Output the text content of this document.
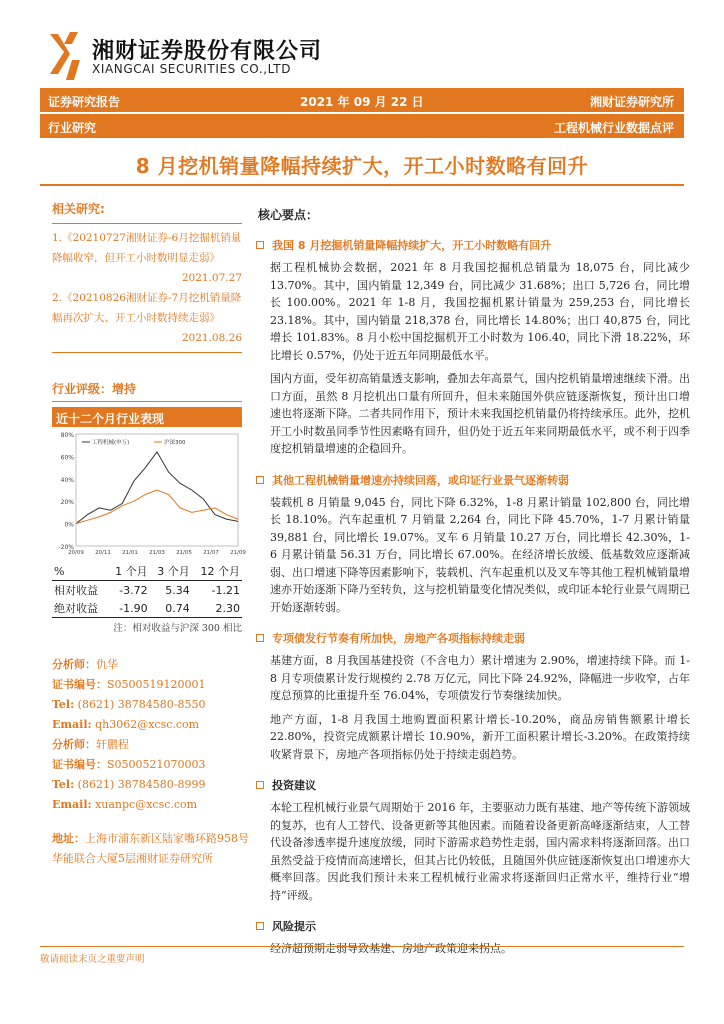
湘财证券股份有限公司
XIANGCAI SECURITIES CO.,LTD
证券研究报告	2021 年 09 月 22 日	湘财证券研究所
行业研究	工程机械行业数据点评
8 月挖机销量降幅持续扩大，开工小时数略有回升
相关研究:
1.《20210727湘财证券-6月挖掘机销量降幅收窄，但开工小时数明显走弱》
2021.07.27
2.《20210826湘财证券-7月挖机销量降幅再次扩大、开工小时数持续走弱》
2021.08.26
行业评级：增持
近十二个月行业表现
80%
60%
40%
20%
0%
-20%
20/09 20/11 21/01 21/03 21/05 21/07 21/09
工程机械(申万)	沪深300
%	1 个月	3 个月	12 个月
相对收益	-3.72	5.34	-1.21
绝对收益	-1.90	0.74	2.30
注：相对收益与沪深 300 相比
分析师：仇华
证书编号：S0500519120001
Tel: (8621) 38784580-8550
Email: qh3062@xcsc.com
分析师：轩鹏程
证书编号：S0500521070003
Tel: (8621) 38784580-8999
Email: xuanpc@xcsc.com
地址：上海市浦东新区陆家嘴环路958号华能联合大厦5层湘财证券研究所
核心要点：
我国 8 月挖掘机销量降幅持续扩大，开工小时数略有回升
据工程机械协会数据，2021 年 8 月我国挖掘机总销量为 18,075 台，同比减少 13.70%。其中，国内销量 12,349 台，同比减少 31.68%；出口 5,726 台，同比增长 100.00%。2021 年 1-8 月，我国挖掘机累计销量为 259,253 台，同比增长 23.18%。其中，国内销量 218,378 台，同比增长 14.80%；出口 40,875 台，同比增长 101.83%。8 月小松中国挖掘机开工小时数为 106.40，同比下滑 18.22%，环比增长 0.57%，仍处于近五年同期最低水平。
国内方面，受年初高销量透支影响，叠加去年高景气，国内挖机销量增速继续下滑。出口方面，虽然 8 月挖机出口量有所回升，但未来随国外供应链逐渐恢复，预计出口增速也将逐渐下降。二者共同作用下，预计未来我国挖机销量仍将持续承压。此外，挖机开工小时数虽同季节性因素略有回升，但仍处于近五年来同期最低水平，或不利于四季度挖机销量增速的企稳回升。
其他工程机械销量增速亦持续回落，或印证行业景气逐渐转弱
装载机 8 月销量 9,045 台，同比下降 6.32%，1-8 月累计销量 102,800 台，同比增长 18.10%。汽车起重机 7 月销量 2,264 台，同比下降 45.70%，1-7 月累计销量 39,881 台，同比增长 19.07%。叉车 6 月销量 10.27 万台，同比增长 42.30%，1-6 月累计销量 56.31 万台，同比增长 67.00%。在经济增长放缓、低基数效应逐渐减弱、出口增速下降等因素影响下，装载机、汽车起重机以及叉车等其他工程机械销量增速亦开始逐渐下降乃至转负，这与挖机销量变化情况类似，或印证本轮行业景气周期已开始逐渐转弱。
专项债发行节奏有所加快，房地产各项指标持续走弱
基建方面，8 月我国基建投资（不含电力）累计增速为 2.90%，增速持续下降。而 1-8 月专项债累计发行规模约 2.78 万亿元，同比下降 24.92%，降幅进一步收窄，占年度总预算的比重提升至 76.04%，专项债发行节奏继续加快。
地产方面，1-8 月我国土地购置面积累计增长-10.20%，商品房销售额累计增长 22.80%，投资完成额累计增长 10.90%，新开工面积累计增长-3.20%。在政策持续收紧背景下，房地产各项指标仍处于持续走弱趋势。
投资建议
本轮工程机械行业景气周期始于 2016 年，主要驱动力既有基建、地产等传统下游领域的复苏，也有人工替代、设备更新等其他因素。而随着设备更新高峰逐渐结束，人工替代设备渗透率提升速度放缓，同时下游需求趋势性走弱，国内需求料将逐渐回落。出口虽然受益于疫情而高速增长，但其占比仍较低，且随国外供应链逐渐恢复出口增速亦大概率回落。因此我们预计未来工程机械行业需求将逐渐回归正常水平，维持行业“增持”评级。
风险提示
经济超预期走弱导致基建、房地产政策迎来拐点。
敬请阅读末页之重要声明
